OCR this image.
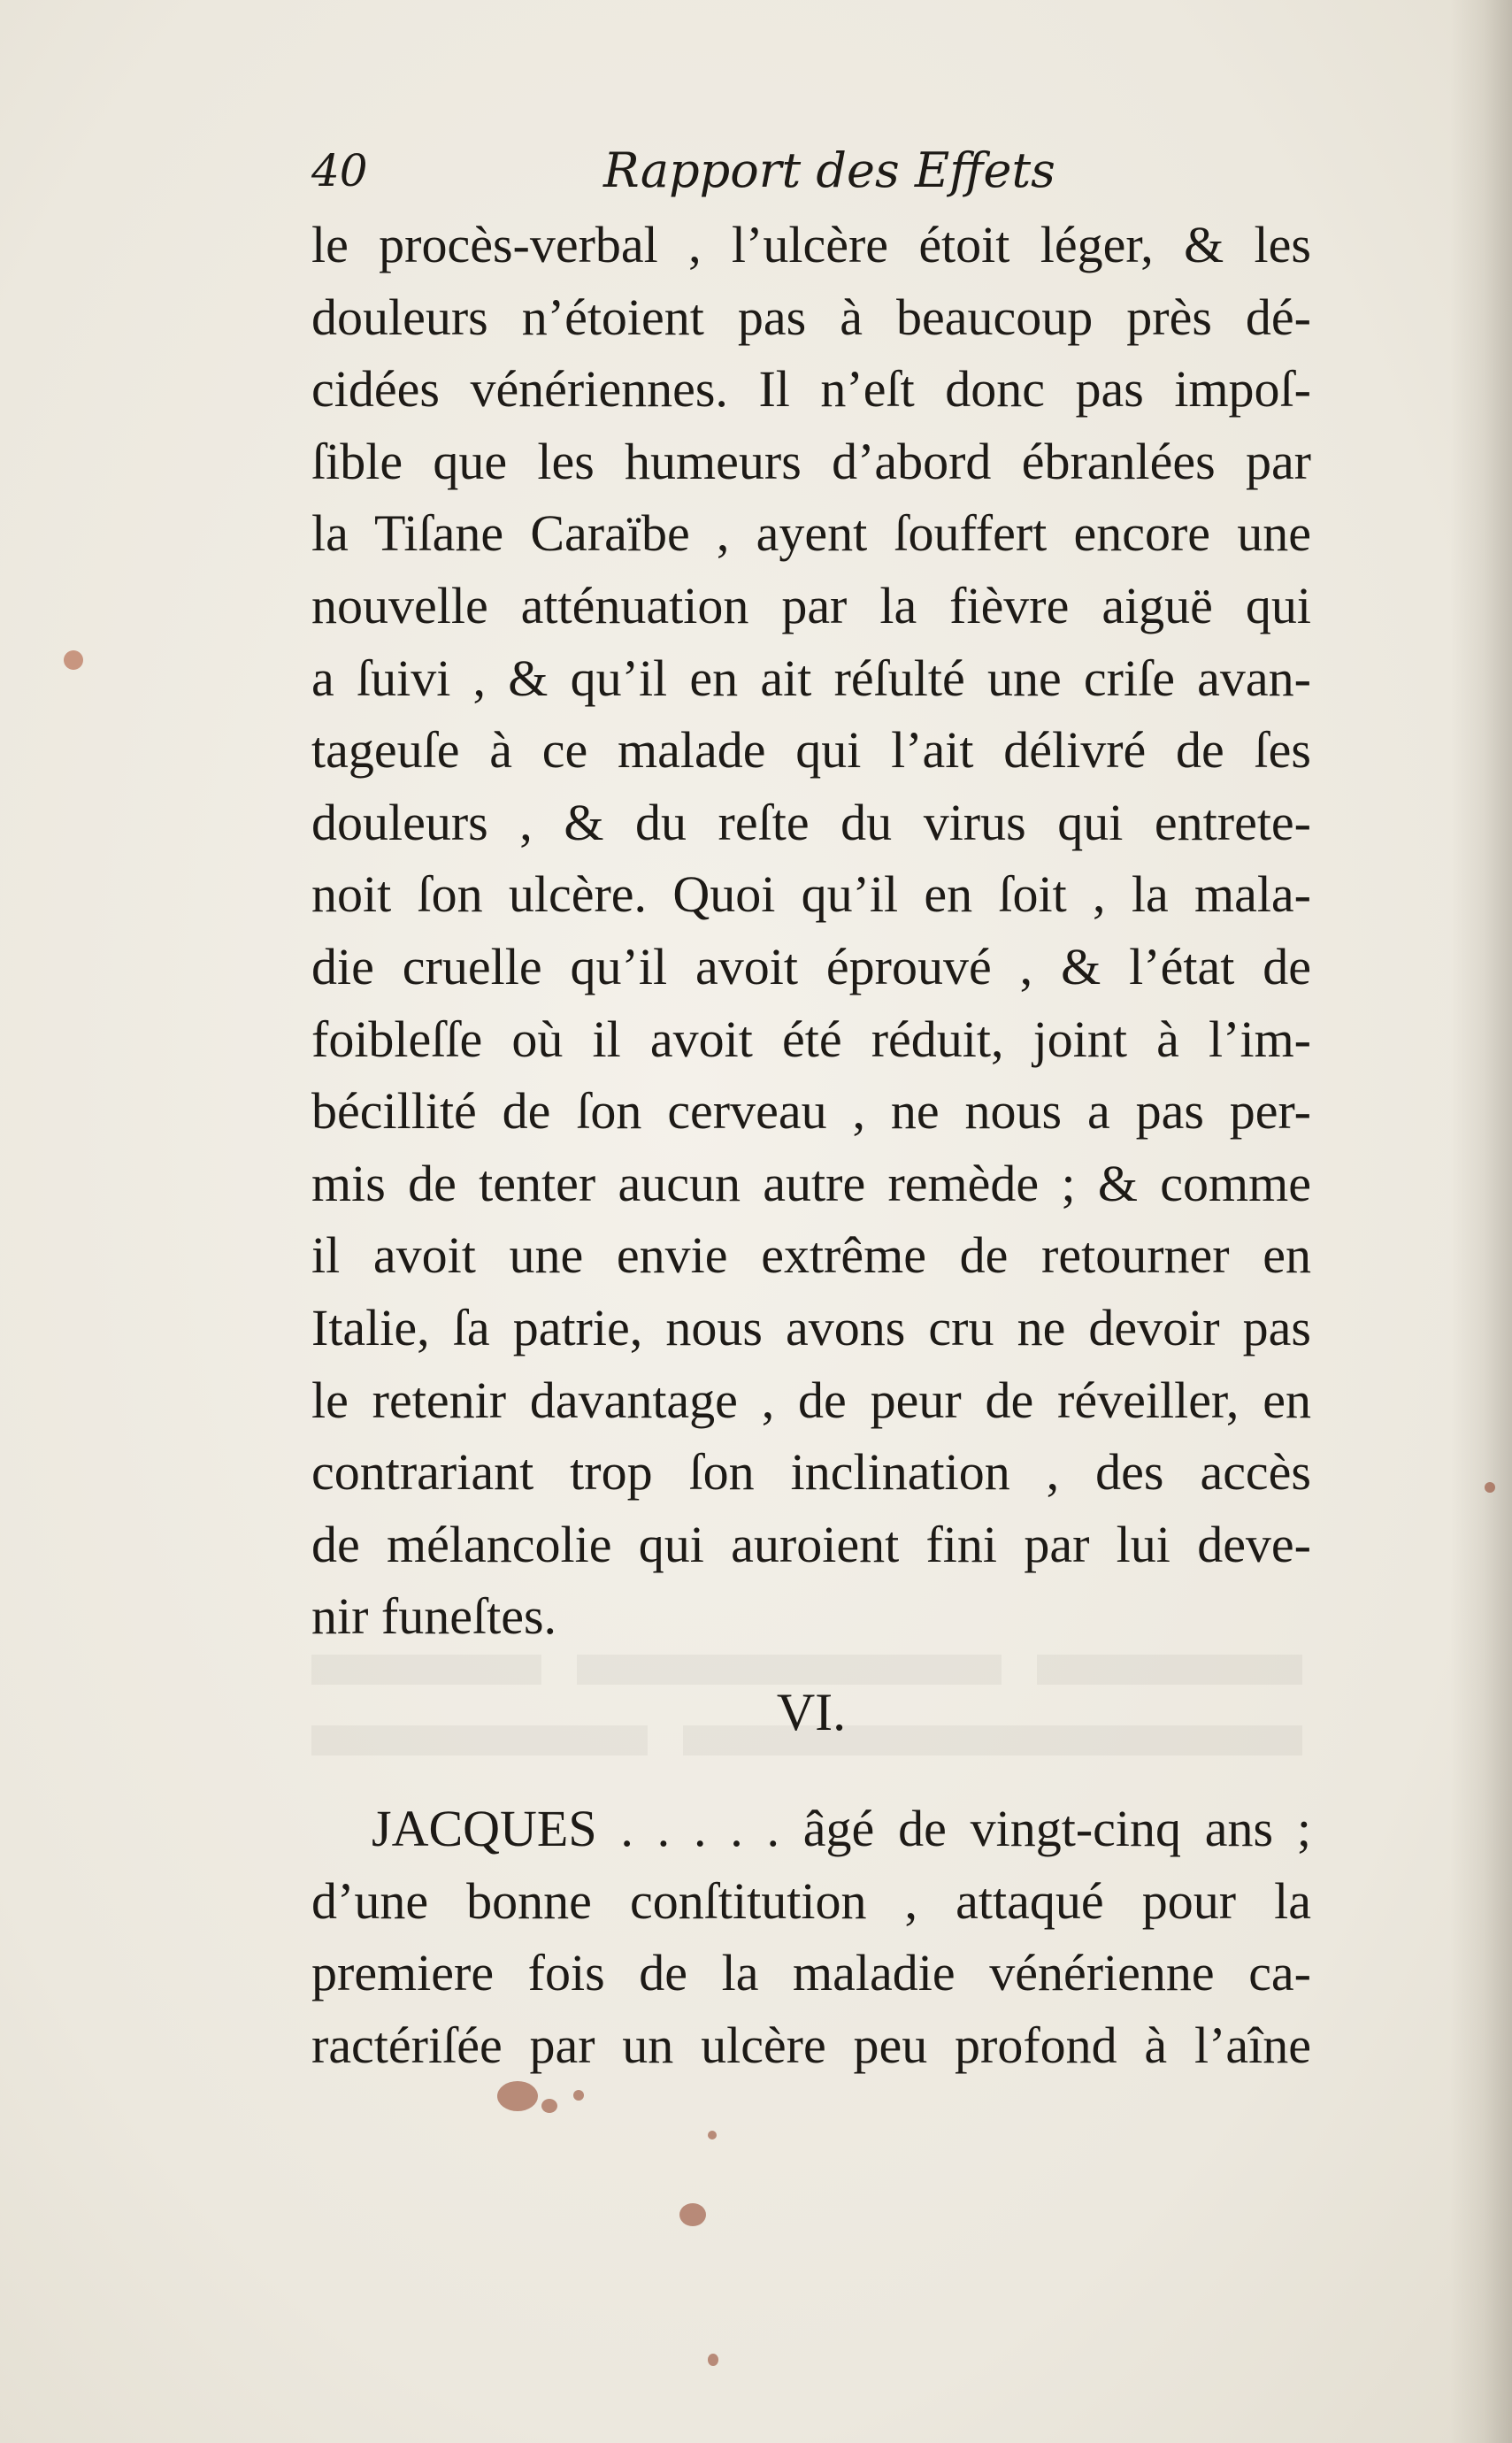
40	Rapport des Effets
le procès-verbal , l’ulcère étoit léger, & les
douleurs n’étoient pas à beaucoup près dé-
cidées vénériennes. Il n’eſt donc pas impoſ-
ſible que les humeurs d’abord ébranlées par
la Tiſane Caraïbe , ayent ſouffert encore une
nouvelle atténuation par la fièvre aiguë qui
a ſuivi , & qu’il en ait réſulté une criſe avan-
tageuſe à ce malade qui l’ait délivré de ſes
douleurs , & du reſte du virus qui entrete-
noit ſon ulcère. Quoi qu’il en ſoit , la mala-
die cruelle qu’il avoit éprouvé , & l’état de
foibleſſe où il avoit été réduit, joint à l’im-
bécillité de ſon cerveau , ne nous a pas per-
mis de tenter aucun autre remède ; & comme
il avoit une envie extrême de retourner en
Italie, ſa patrie, nous avons cru ne devoir pas
le retenir davantage , de peur de réveiller, en
contrariant trop ſon inclination , des accès
de mélancolie qui auroient fini par lui deve-
nir funeſtes.
VI.
JACQUES . . . . . âgé de vingt-cinq ans ;
d’une bonne conſtitution , attaqué pour la
premiere fois de la maladie vénérienne ca-
ractériſée par un ulcère peu profond à l’aîne
